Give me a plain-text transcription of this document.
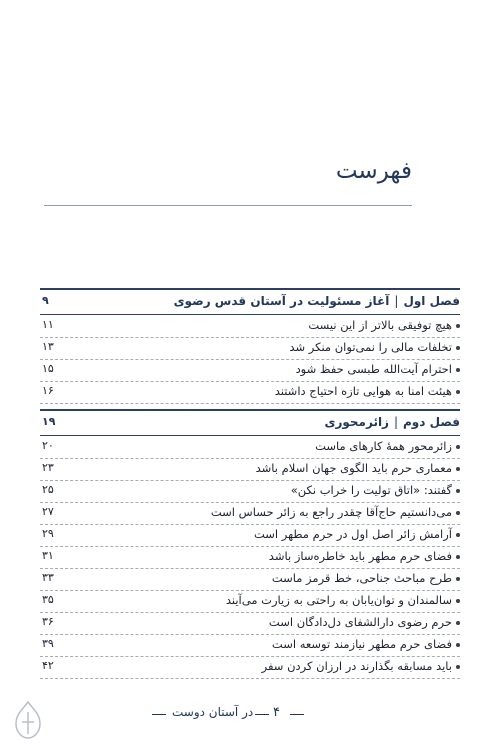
فهرست
فصل اول|آغاز مسئولیت در آستان قدس رضوی
۹
هیچ توفیقی بالاتر از این نیست
۱۱
تخلفات مالی را نمی‌توان منکر شد
۱۳
احترام آیت‌الله طبسی حفظ شود
۱۵
هیئت امنا به هوایی تازه احتیاج داشتند
۱۶
فصل دوم|زائرمحوری
۱۹
زائرمحور همهٔ کارهای ماست
۲۰
معماری حرم باید الگوی جهان اسلام باشد
۲۳
گفتند: «اتاق تولیت را خراب نکن»
۲۵
می‌دانستیم حاج‌آقا چقدر راجع به زائر حساس است
۲۷
آرامش زائر اصل اول در حرم مطهر است
۲۹
فضای حرم مطهر باید خاطره‌ساز باشد
۳۱
طرح مباحث جناحی، خط قرمز ماست
۳۳
سالمندان و توان‌یابان به راحتی به زیارت می‌آیند
۳۵
حرم رضوی دارالشفای دل‌دادگان است
۳۶
فضای حرم مطهر نیازمند توسعه است
۳۹
باید مسابقه بگذارند در ارزان کردن سفر
۴۲
در آستان دوست ۴
